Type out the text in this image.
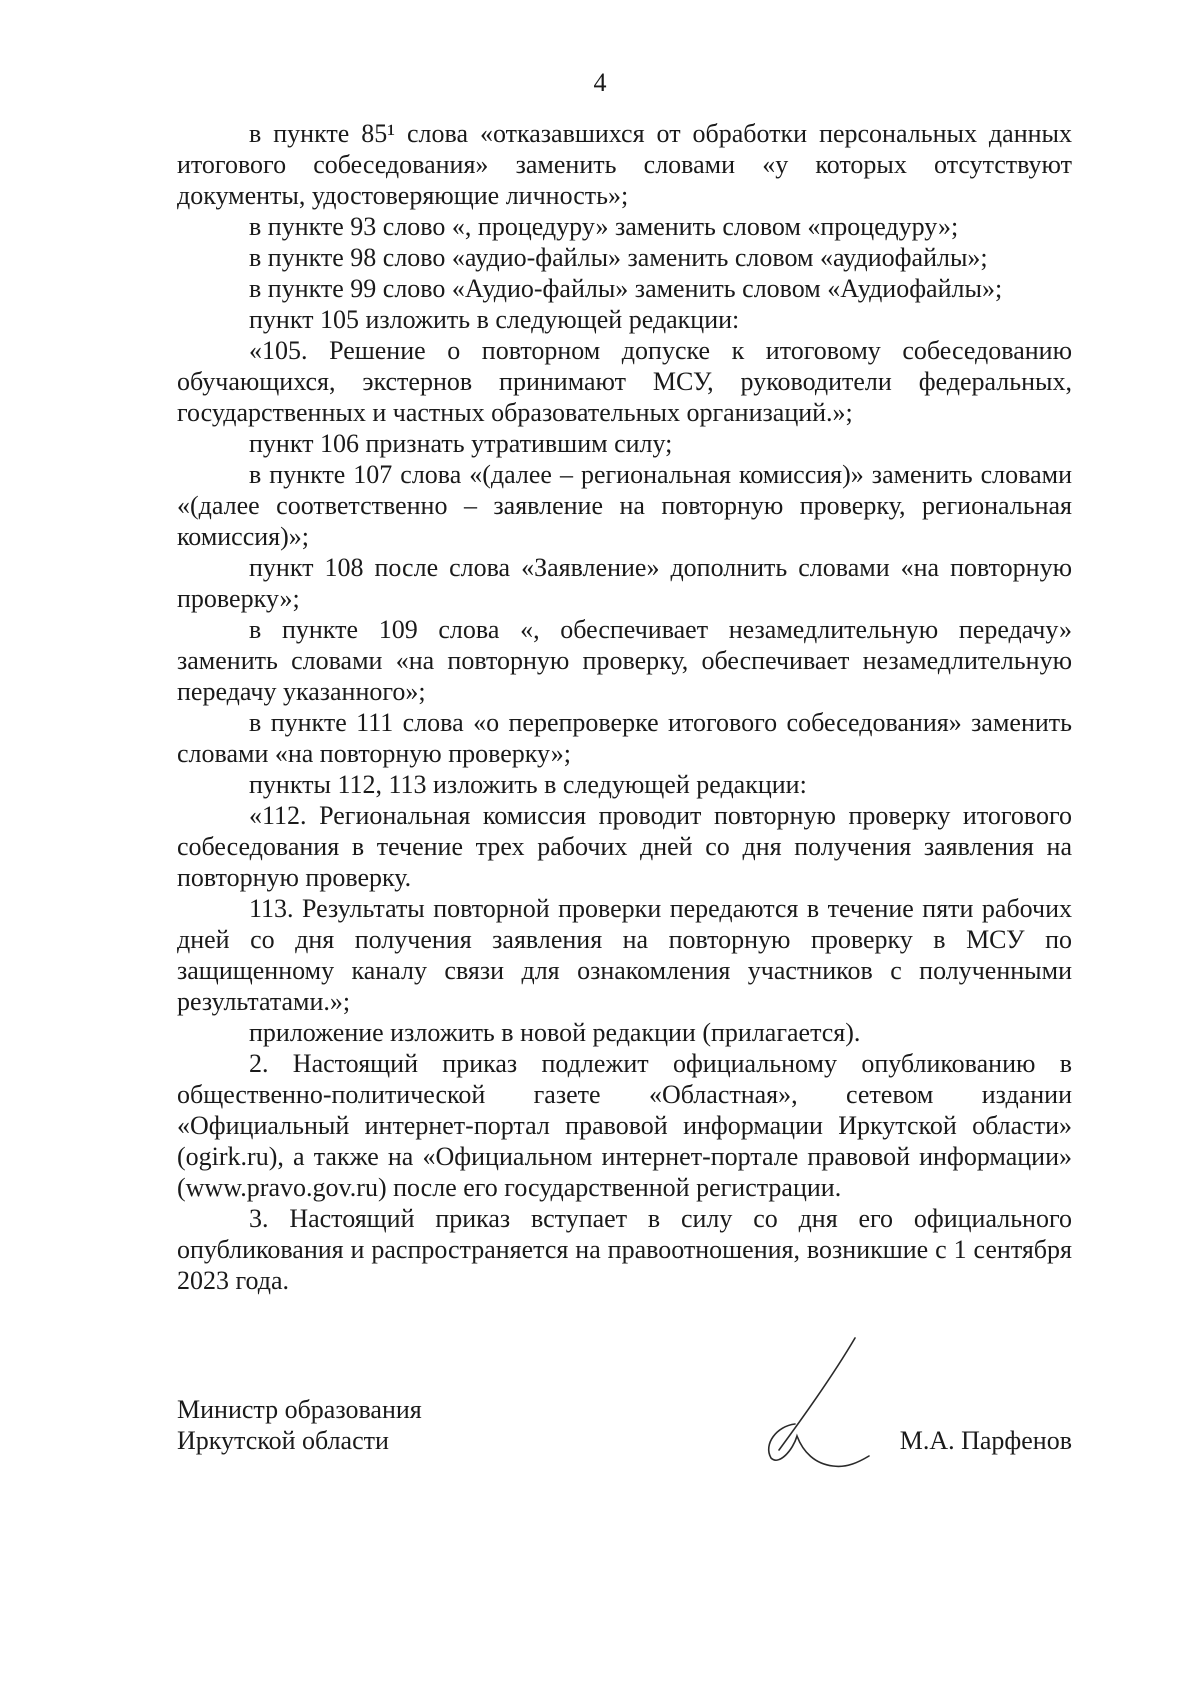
4

в пункте 85¹ слова «отказавшихся от обработки персональных данных итогового собеседования» заменить словами «у которых отсутствуют документы, удостоверяющие личность»;

в пункте 93 слово «, процедуру» заменить словом «процедуру»;

в пункте 98 слово «аудио-файлы» заменить словом «аудиофайлы»;

в пункте 99 слово «Аудио-файлы» заменить словом «Аудиофайлы»;

пункт 105 изложить в следующей редакции:

«105. Решение о повторном допуске к итоговому собеседованию обучающихся, экстернов принимают МСУ, руководители федеральных, государственных и частных образовательных организаций.»;

пункт 106 признать утратившим силу;

в пункте 107 слова «(далее – региональная комиссия)» заменить словами «(далее соответственно – заявление на повторную проверку, региональная комиссия)»;

пункт 108 после слова «Заявление» дополнить словами «на повторную проверку»;

в пункте 109 слова «, обеспечивает незамедлительную передачу» заменить словами «на повторную проверку, обеспечивает незамедлительную передачу указанного»;

в пункте 111 слова «о перепроверке итогового собеседования» заменить словами «на повторную проверку»;

пункты 112, 113 изложить в следующей редакции:

«112. Региональная комиссия проводит повторную проверку итогового собеседования в течение трех рабочих дней со дня получения заявления на повторную проверку.

113. Результаты повторной проверки передаются в течение пяти рабочих дней со дня получения заявления на повторную проверку в МСУ по защищенному каналу связи для ознакомления участников с полученными результатами.»;

приложение изложить в новой редакции (прилагается).

2. Настоящий приказ подлежит официальному опубликованию в общественно-политической газете «Областная», сетевом издании «Официальный интернет-портал правовой информации Иркутской области» (ogirk.ru), а также на «Официальном интернет-портале правовой информации» (www.pravo.gov.ru) после его государственной регистрации.

3. Настоящий приказ вступает в силу со дня его официального опубликования и распространяется на правоотношения, возникшие с 1 сентября 2023 года.

Министр образования
Иркутской области	М.А. Парфенов
